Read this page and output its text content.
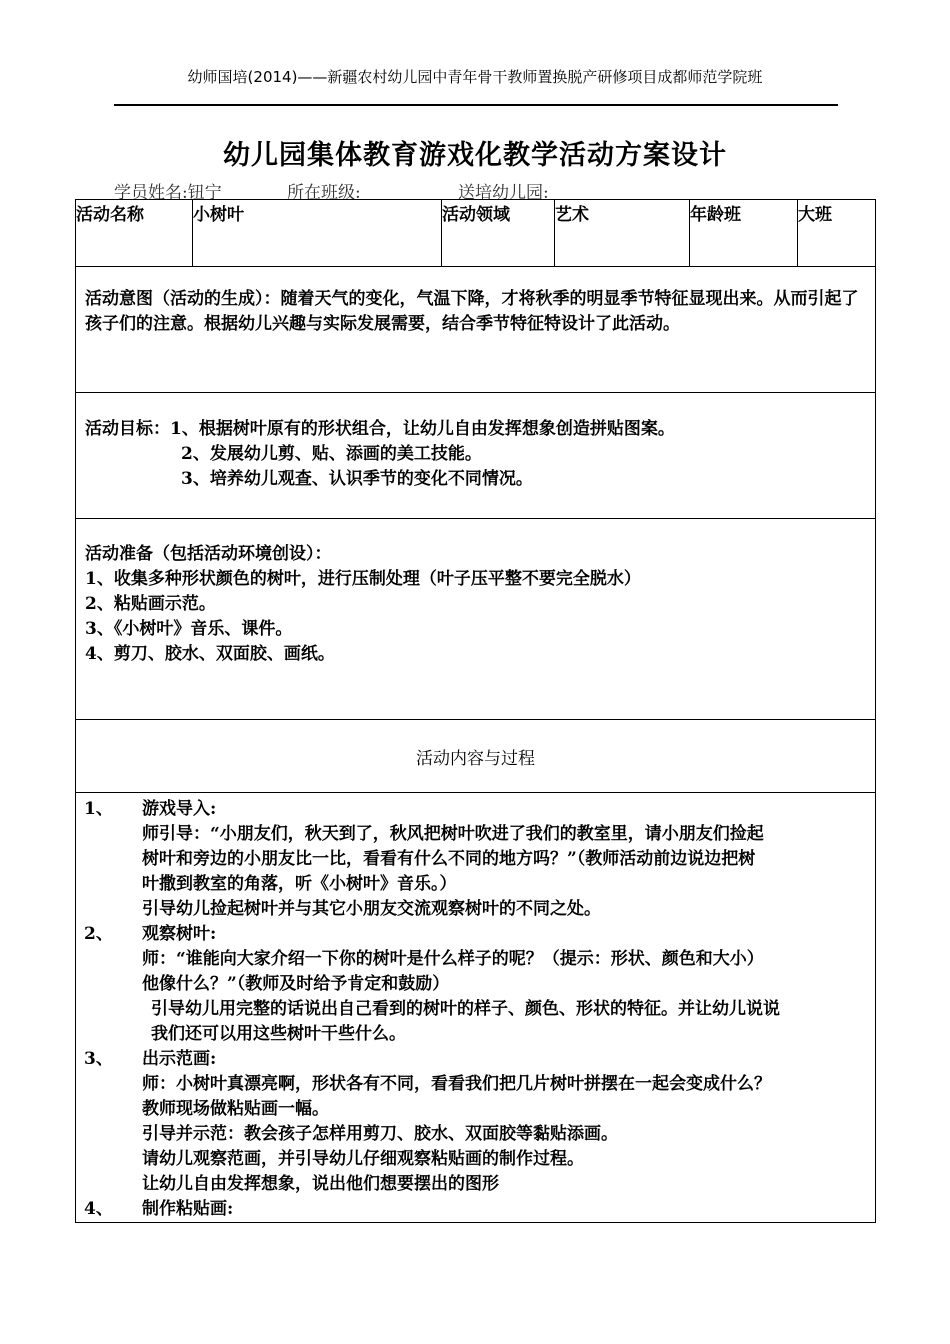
幼师国培(2014)——新疆农村幼儿园中青年骨干教师置换脱产研修项目成都师范学院班
幼儿园集体教育游戏化教学活动方案设计
学员姓名:钮宁	所在班级:	送培幼儿园:
活动名称	小树叶	活动领域	艺术	年龄班	大班

活动意图（活动的生成）：随着天气的变化，气温下降，才将秋季的明显季节特征显现出来。从而引起了孩子们的注意。根据幼儿兴趣与实际发展需要，结合季节特征特设计了此活动。

活动目标：1、根据树叶原有的形状组合，让幼儿自由发挥想象创造拼贴图案。
2、发展幼儿剪、贴、添画的美工技能。
3、培养幼儿观查、认识季节的变化不同情况。

活动准备（包括活动环境创设）：
1、收集多种形状颜色的树叶，进行压制处理（叶子压平整不要完全脱水）
2、粘贴画示范。
3、《小树叶》音乐、课件。
4、剪刀、胶水、双面胶、画纸。

活动内容与过程

1、	游戏导入:
师引导：“小朋友们，秋天到了，秋风把树叶吹进了我们的教室里，请小朋友们捡起
树叶和旁边的小朋友比一比，看看有什么不同的地方吗？”（教师活动前边说边把树
叶撒到教室的角落，听《小树叶》音乐。）
引导幼儿捡起树叶并与其它小朋友交流观察树叶的不同之处。
2、	观察树叶:
师：“谁能向大家介绍一下你的树叶是什么样子的呢？（提示：形状、颜色和大小）
他像什么？”（教师及时给予肯定和鼓励）
引导幼儿用完整的话说出自己看到的树叶的样子、颜色、形状的特征。并让幼儿说说
我们还可以用这些树叶干些什么。
3、	出示范画:
师：小树叶真漂亮啊，形状各有不同，看看我们把几片树叶拼摆在一起会变成什么？
教师现场做粘贴画一幅。
引导并示范：教会孩子怎样用剪刀、胶水、双面胶等黏贴添画。
请幼儿观察范画，并引导幼儿仔细观察粘贴画的制作过程。
让幼儿自由发挥想象，说出他们想要摆出的图形
4、	制作粘贴画:
